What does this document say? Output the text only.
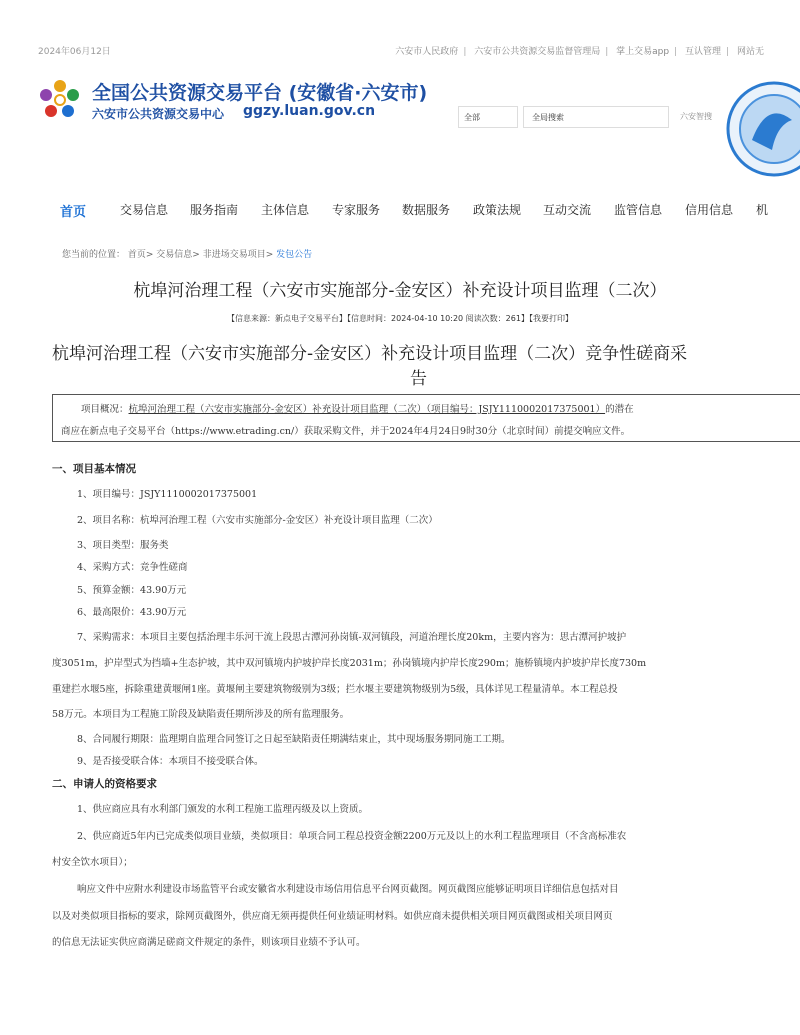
2024年06月12日	六安市人民政府 | 六安市公共资源交易监督管理局 | 掌上交易app | 互认管理 | 网站无
全国公共资源交易平台 (安徽省·六安市)
六安市公共资源交易中心 ggzy.luan.gov.cn	全部	全局搜索	六安智搜
首页	交易信息 服务指南 主体信息 专家服务 数据服务 政策法规 互动交流 监管信息 信用信息 机
您当前的位置： 首页> 交易信息> 非进场交易项目> 发包公告
杭埠河治理工程（六安市实施部分-金安区）补充设计项目监理（二次）
【信息来源：新点电子交易平台】【信息时间：2024-04-10 10:20 阅读次数：261】【我要打印】
杭埠河治理工程（六安市实施部分-金安区）补充设计项目监理（二次）竞争性磋商采
告
项目概况：杭埠河治理工程（六安市实施部分-金安区）补充设计项目监理（二次）（项目编号：JSJY1110002017375001）的潜在
商应在新点电子交易平台（https://www.etrading.cn/）获取采购文件，并于2024年4月24日9时30分（北京时间）前提交响应文件。
一、项目基本情况
1、项目编号：JSJY1110002017375001
2、项目名称：杭埠河治理工程（六安市实施部分-金安区）补充设计项目监理（二次）
3、项目类型：服务类
4、采购方式：竞争性磋商
5、预算金额：43.90万元
6、最高限价：43.90万元
7、采购需求：本项目主要包括治理丰乐河干流上段思古潭河孙岗镇-双河镇段，河道治理长度20km，主要内容为：思古潭河护坡护
度3051m，护岸型式为挡墙+生态护坡，其中双河镇境内护坡护岸长度2031m；孙岗镇境内护岸长度290m；施桥镇境内护坡护岸长度730m
重建拦水堰5座，拆除重建黄堰闸1座。黄堰闸主要建筑物级别为3级；拦水堰主要建筑物级别为5级，具体详见工程量清单。本工程总投
58万元。本项目为工程施工阶段及缺陷责任期所涉及的所有监理服务。
8、合同履行期限：监理期自监理合同签订之日起至缺陷责任期满结束止，其中现场服务期同施工工期。
9、是否接受联合体：本项目不接受联合体。
二、申请人的资格要求
1、供应商应具有水利部门颁发的水利工程施工监理丙级及以上资质。
2、供应商近5年内已完成类似项目业绩，类似项目：单项合同工程总投资金额2200万元及以上的水利工程监理项目（不含高标准农
村安全饮水项目）；
响应文件中应附水利建设市场监管平台或安徽省水利建设市场信用信息平台网页截图。网页截图应能够证明项目详细信息包括对目
以及对类似项目指标的要求，除网页截图外，供应商无须再提供任何业绩证明材料。如供应商未提供相关项目网页截图或相关项目网页
的信息无法证实供应商满足磋商文件规定的条件，则该项目业绩不予认可。
